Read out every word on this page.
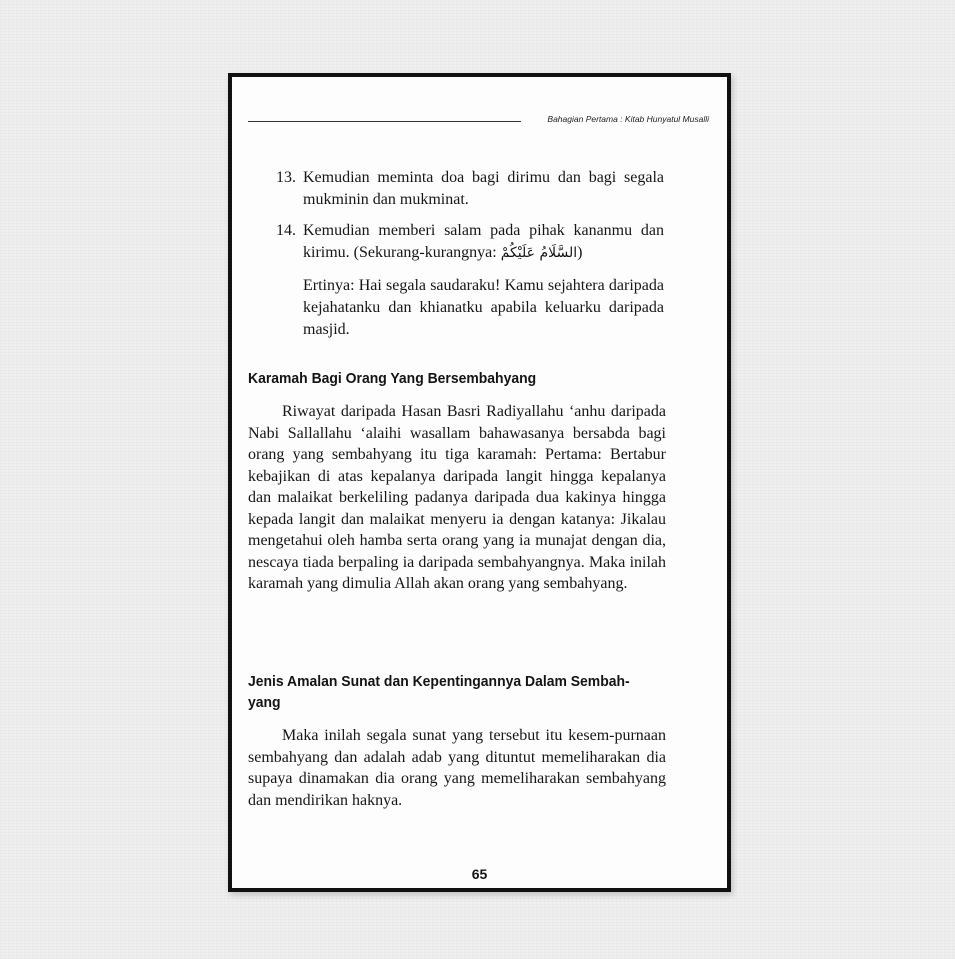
Bahagian Pertama : Kitab Hunyatul Musalli
13. Kemudian meminta doa bagi dirimu dan bagi segala mukminin dan mukminat.
14. Kemudian memberi salam pada pihak kananmu dan kirimu. (Sekurang-kurangnya: السَّلَامُ عَلَيْكُمْ)
Ertinya: Hai segala saudaraku! Kamu sejahtera daripada kejahatanku dan khianatku apabila keluarku daripada masjid.
Karamah Bagi Orang Yang Bersembahyang
Riwayat daripada Hasan Basri Radiyallahu ‘anhu daripada Nabi Sallallahu ‘alaihi wasallam bahawasanya bersabda bagi orang yang sembahyang itu tiga karamah: Pertama: Bertabur kebajikan di atas kepalanya daripada langit hingga kepalanya dan malaikat berkeliling padanya daripada dua kakinya hingga kepada langit dan malaikat menyeru ia dengan katanya: Jikalau mengetahui oleh hamba serta orang yang ia munajat dengan dia, nescaya tiada berpaling ia daripada sembahyangnya. Maka inilah karamah yang dimulia Allah akan orang yang sembahyang.
Jenis Amalan Sunat dan Kepentingannya Dalam Sembah-yang
Maka inilah segala sunat yang tersebut itu kesem-purnaan sembahyang dan adalah adab yang dituntut memeliharakan dia supaya dinamakan dia orang yang memeliharakan sembahyang dan mendirikan haknya.
65
